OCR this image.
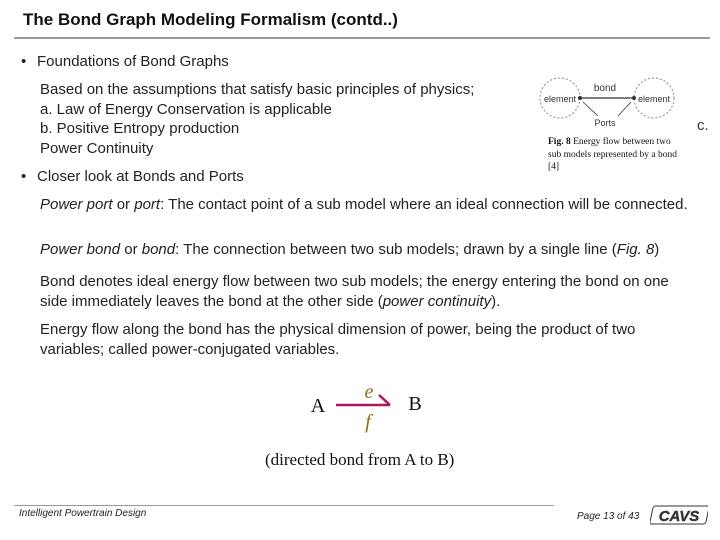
The Bond Graph Modeling Formalism (contd..)
• Foundations of Bond Graphs
Based on the assumptions that satisfy basic principles of physics;
a. Law of Energy Conservation is applicable
b. Positive Entropy production
Power Continuity
c.
element	element
bond
Ports
Fig. 8 Energy flow between two sub models represented by a bond [4]
• Closer look at Bonds and Ports
Power port or port: The contact point of a sub model where an ideal connection will be connected.
Power bond or bond: The connection between two sub models; drawn by a single line (Fig. 8)
Bond denotes ideal energy flow between two sub models; the energy entering the bond on one side immediately leaves the bond at the other side (power continuity).
Energy flow along the bond has the physical dimension of power, being the product of two variables; called power-conjugated variables.
A
e
f
B
(directed bond from A to B)
Intelligent Powertrain Design	Page 13 of 43 CAVS
